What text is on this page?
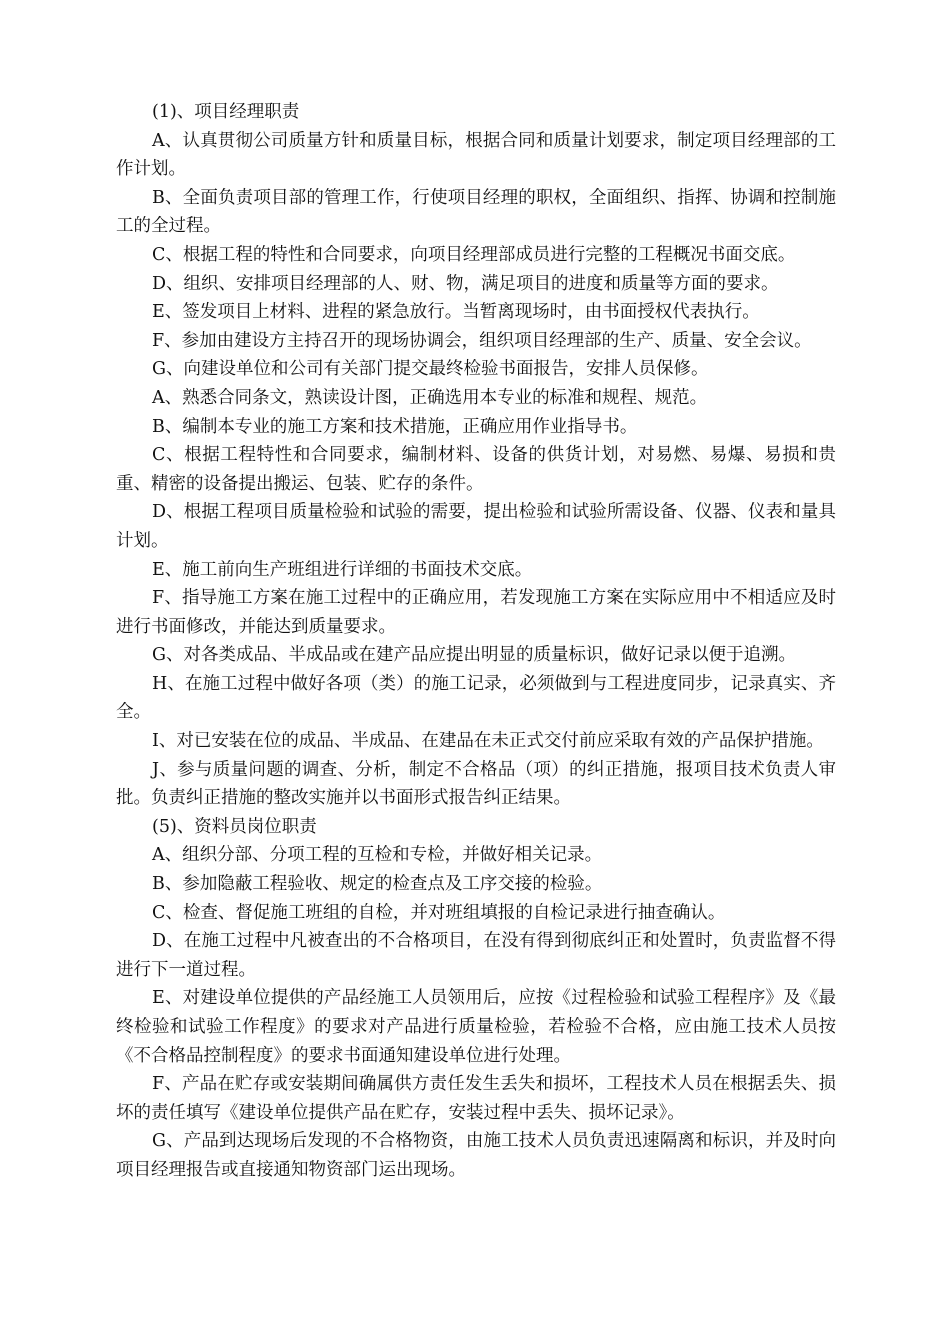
(1)、项目经理职责

A、认真贯彻公司质量方针和质量目标，根据合同和质量计划要求，制定项目经理部的工作计划。

B、全面负责项目部的管理工作，行使项目经理的职权，全面组织、指挥、协调和控制施工的全过程。

C、根据工程的特性和合同要求，向项目经理部成员进行完整的工程概况书面交底。

D、组织、安排项目经理部的人、财、物，满足项目的进度和质量等方面的要求。

E、签发项目上材料、进程的紧急放行。当暂离现场时，由书面授权代表执行。

F、参加由建设方主持召开的现场协调会，组织项目经理部的生产、质量、安全会议。

G、向建设单位和公司有关部门提交最终检验书面报告，安排人员保修。

A、熟悉合同条文，熟读设计图，正确选用本专业的标准和规程、规范。

B、编制本专业的施工方案和技术措施，正确应用作业指导书。

C、根据工程特性和合同要求，编制材料、设备的供货计划，对易燃、易爆、易损和贵重、精密的设备提出搬运、包装、贮存的条件。

D、根据工程项目质量检验和试验的需要，提出检验和试验所需设备、仪器、仪表和量具计划。

E、施工前向生产班组进行详细的书面技术交底。

F、指导施工方案在施工过程中的正确应用，若发现施工方案在实际应用中不相适应及时进行书面修改，并能达到质量要求。

G、对各类成品、半成品或在建产品应提出明显的质量标识，做好记录以便于追溯。

H、在施工过程中做好各项（类）的施工记录，必须做到与工程进度同步，记录真实、齐全。

I、对已安装在位的成品、半成品、在建品在未正式交付前应采取有效的产品保护措施。

J、参与质量问题的调查、分析，制定不合格品（项）的纠正措施，报项目技术负责人审批。负责纠正措施的整改实施并以书面形式报告纠正结果。

(5)、资料员岗位职责

A、组织分部、分项工程的互检和专检，并做好相关记录。

B、参加隐蔽工程验收、规定的检查点及工序交接的检验。

C、检查、督促施工班组的自检，并对班组填报的自检记录进行抽查确认。

D、在施工过程中凡被查出的不合格项目，在没有得到彻底纠正和处置时，负责监督不得进行下一道过程。

E、对建设单位提供的产品经施工人员领用后，应按《过程检验和试验工程程序》及《最终检验和试验工作程度》的要求对产品进行质量检验，若检验不合格，应由施工技术人员按《不合格品控制程度》的要求书面通知建设单位进行处理。

F、产品在贮存或安装期间确属供方责任发生丢失和损坏，工程技术人员在根据丢失、损坏的责任填写《建设单位提供产品在贮存，安装过程中丢失、损坏记录》。

G、产品到达现场后发现的不合格物资，由施工技术人员负责迅速隔离和标识，并及时向项目经理报告或直接通知物资部门运出现场。
